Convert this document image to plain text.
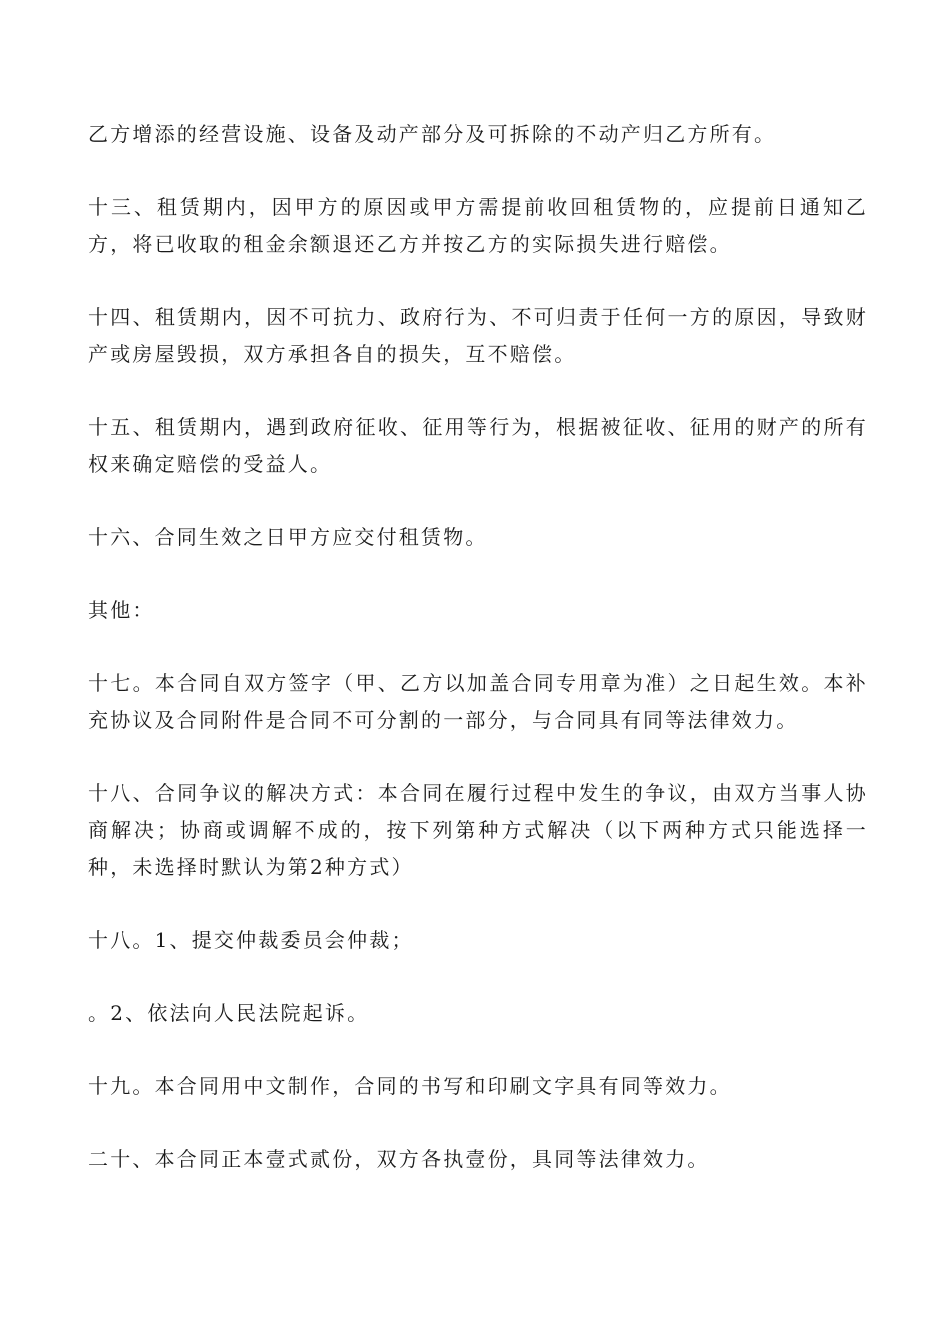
乙方增添的经营设施、设备及动产部分及可拆除的不动产归乙方所有。

十三、租赁期内，因甲方的原因或甲方需提前收回租赁物的，应提前日通知乙方，将已收取的租金余额退还乙方并按乙方的实际损失进行赔偿。

十四、租赁期内，因不可抗力、政府行为、不可归责于任何一方的原因，导致财产或房屋毁损，双方承担各自的损失，互不赔偿。

十五、租赁期内，遇到政府征收、征用等行为，根据被征收、征用的财产的所有权来确定赔偿的受益人。

十六、合同生效之日甲方应交付租赁物。

其他：

十七。本合同自双方签字（甲、乙方以加盖合同专用章为准）之日起生效。本补充协议及合同附件是合同不可分割的一部分，与合同具有同等法律效力。

十八、合同争议的解决方式：本合同在履行过程中发生的争议，由双方当事人协商解决；协商或调解不成的，按下列第种方式解决（以下两种方式只能选择一种，未选择时默认为第2种方式）

十八。1、提交仲裁委员会仲裁；

。2、依法向人民法院起诉。

十九。本合同用中文制作，合同的书写和印刷文字具有同等效力。

二十、本合同正本壹式贰份，双方各执壹份，具同等法律效力。
